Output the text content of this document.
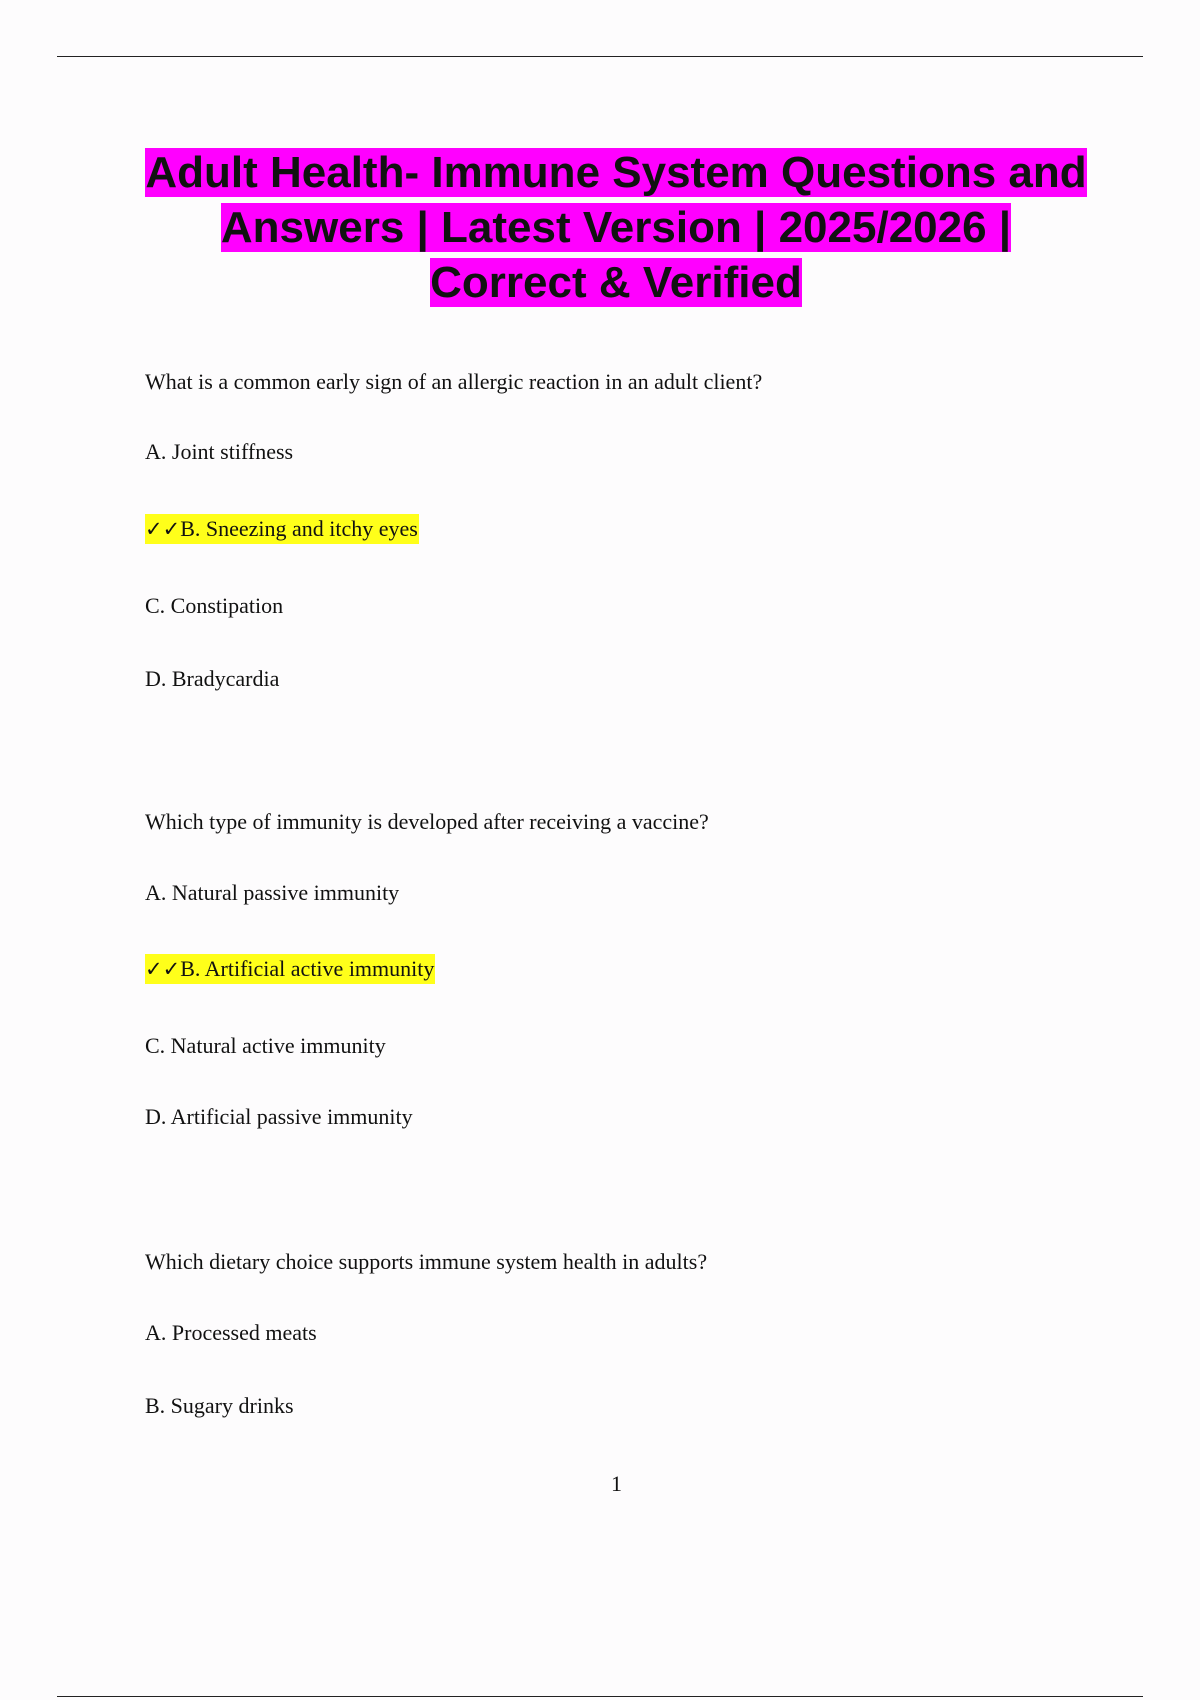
Adult Health- Immune System Questions and Answers | Latest Version | 2025/2026 | Correct & Verified

What is a common early sign of an allergic reaction in an adult client?

A. Joint stiffness

✓✓B. Sneezing and itchy eyes

C. Constipation

D. Bradycardia

Which type of immunity is developed after receiving a vaccine?

A. Natural passive immunity

✓✓B. Artificial active immunity

C. Natural active immunity

D. Artificial passive immunity

Which dietary choice supports immune system health in adults?

A. Processed meats

B. Sugary drinks

1
